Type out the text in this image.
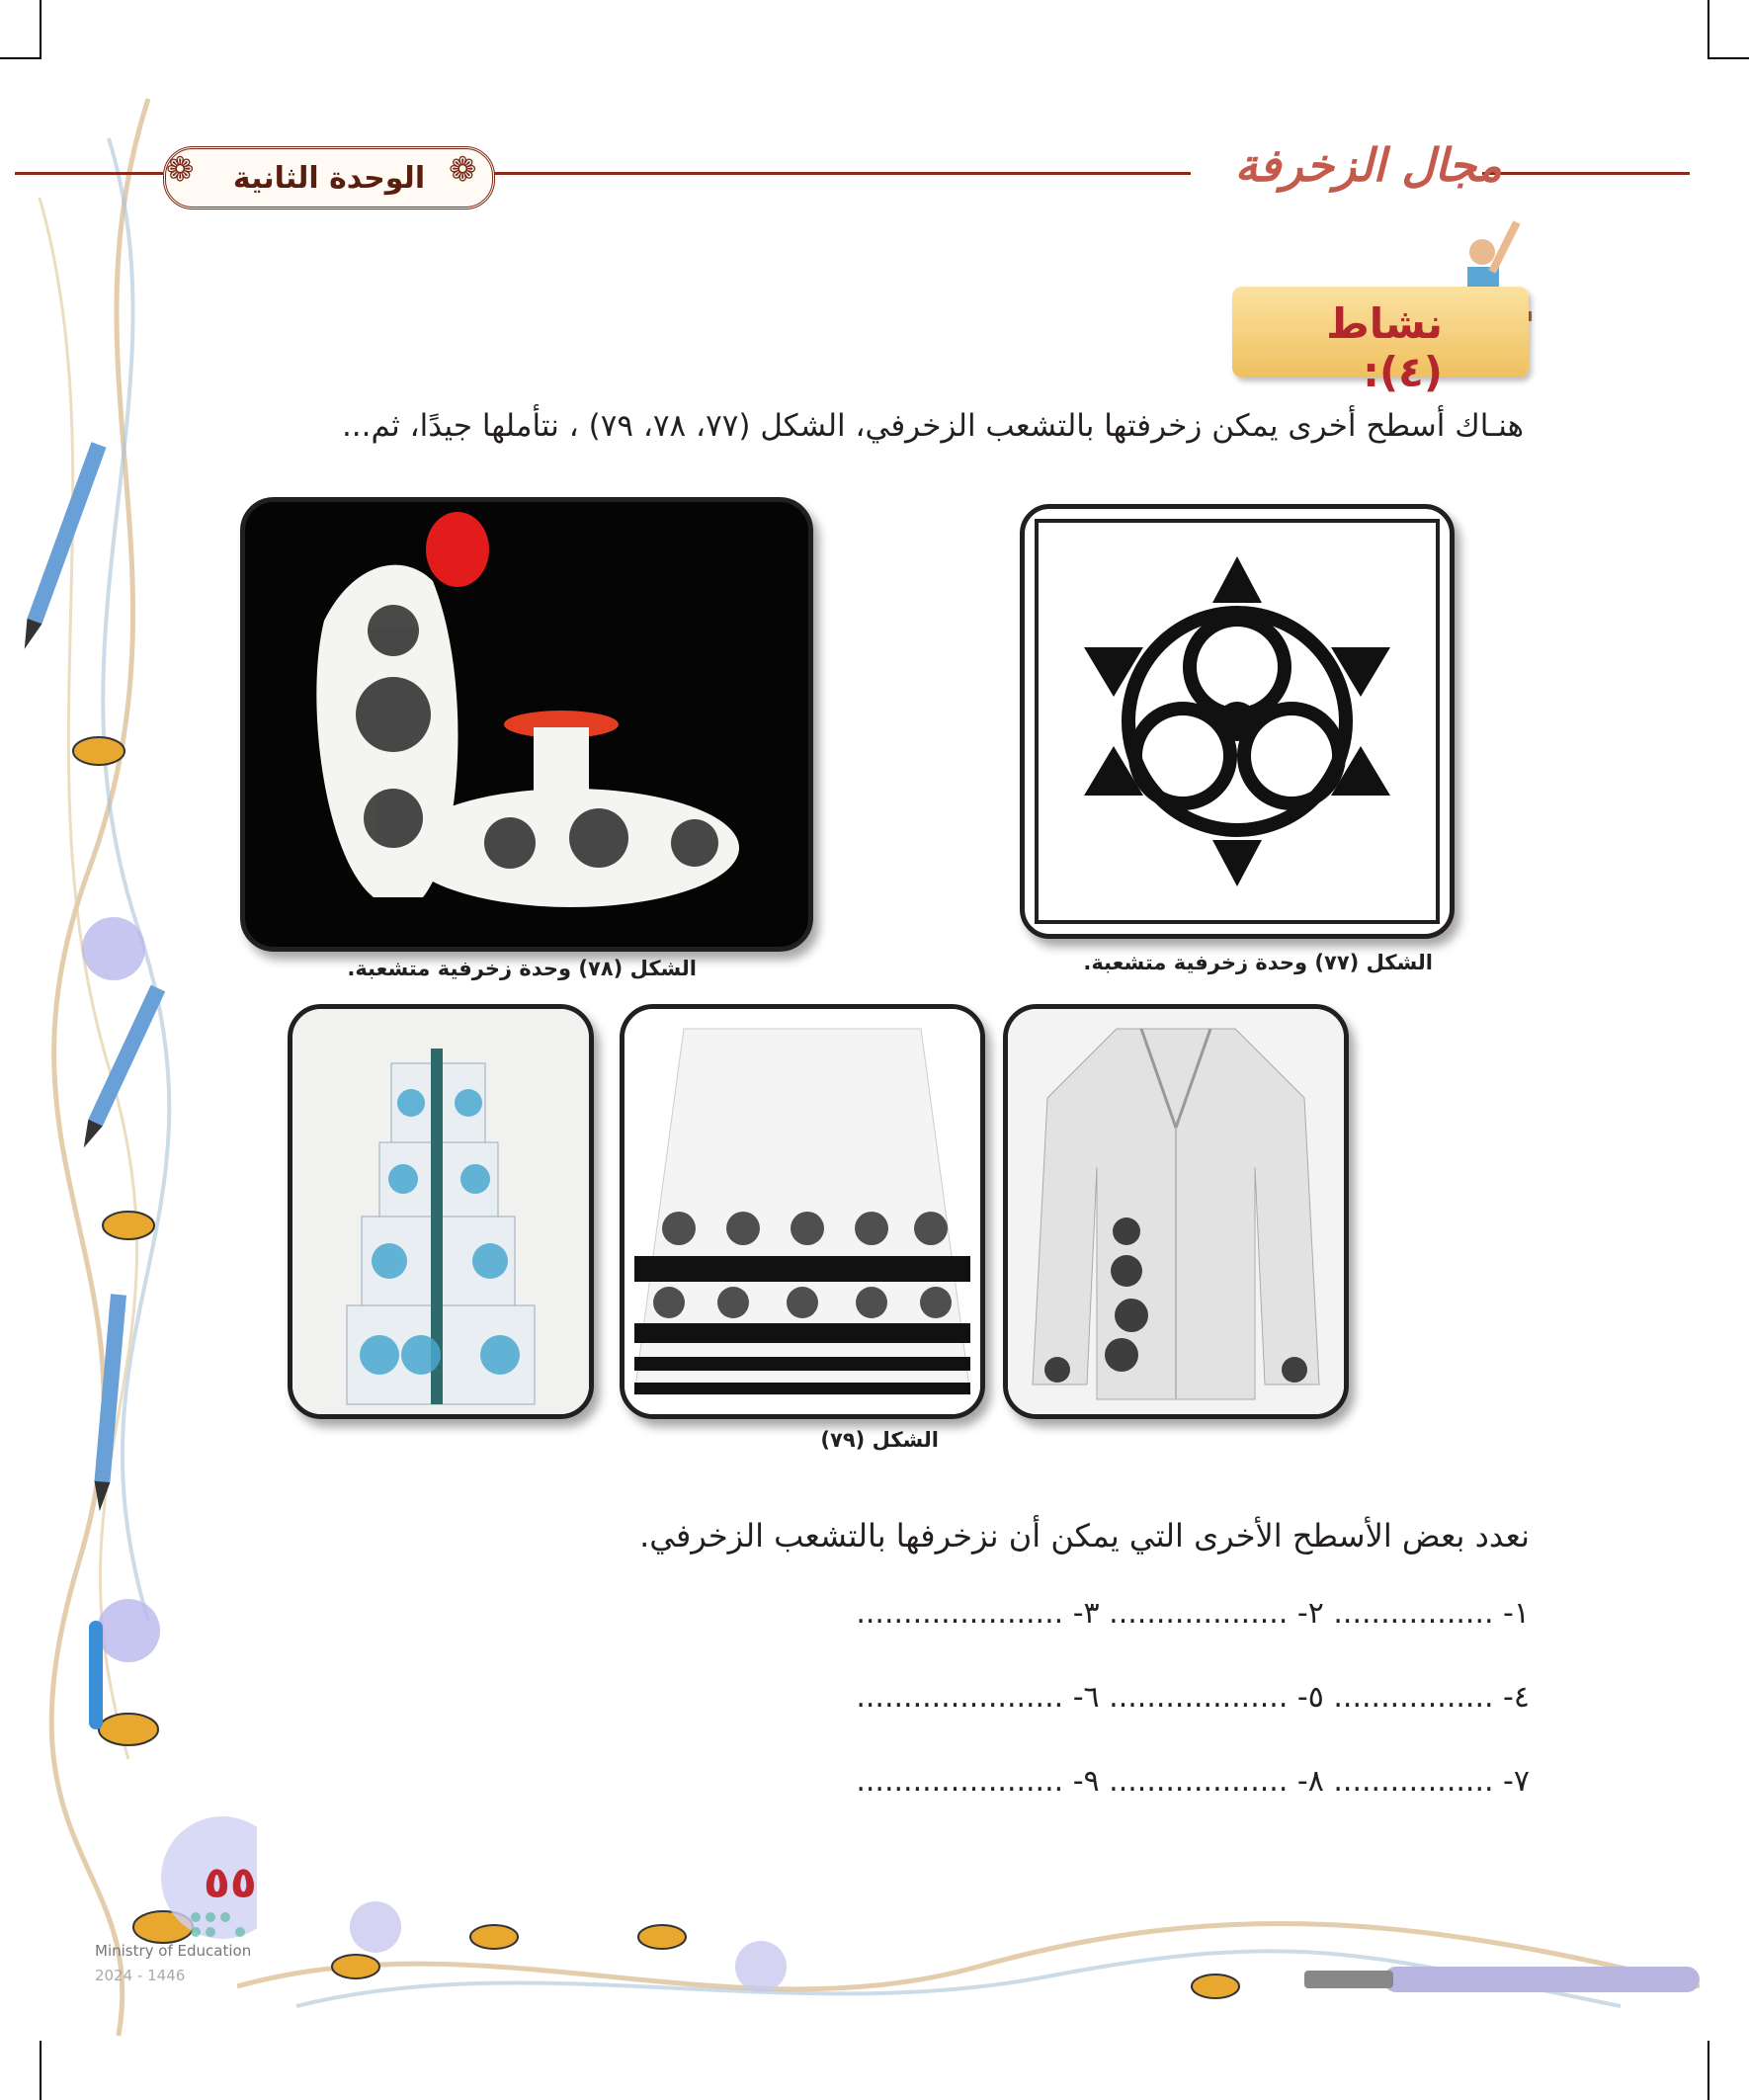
الوحدة الثانية
❁	❁	مجال الزخرفة
نشاط (٤):
هنـاك أسطح أخرى يمكن زخرفتها بالتشعب الزخرفي، الشكل (٧٧، ٧٨، ٧٩) ، نتأملها جيدًا، ثم...
الشكل (٧٧) وحدة زخرفية متشعبة.
الشكل (٧٨) وحدة زخرفية متشعبة.
الشكل (٧٩)
نعدد بعض الأسطح الأخرى التي يمكن أن نزخرفها بالتشعب الزخرفي.
١- ................. ٢- ................... ٣- ......................
٤- ................. ٥- ................... ٦- ......................
٧- ................. ٨- ................... ٩- ......................
٥٥
Ministry of Education
2024 - 1446
